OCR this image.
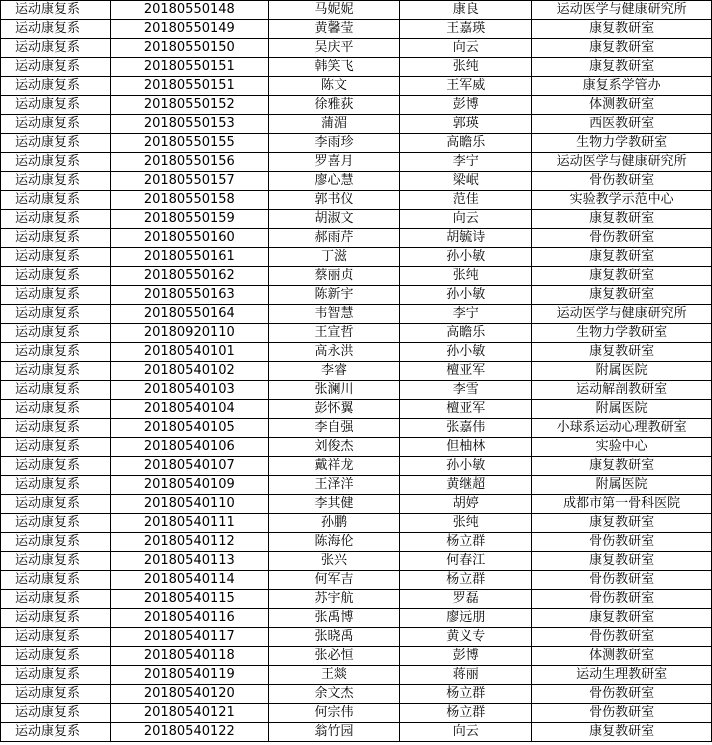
运动康复系	20180550148	马妮妮	康良	运动医学与健康研究所
运动康复系	20180550149	黄馨莹	王嘉瑛	康复教研室
运动康复系	20180550150	吴庆平	向云	康复教研室
运动康复系	20180550151	韩笑飞	张纯	康复教研室
运动康复系	20180550151	陈文	王军威	康复系学管办
运动康复系	20180550152	徐雅荻	彭博	体测教研室
运动康复系	20180550153	蒲湄	郭瑛	西医教研室
运动康复系	20180550155	李雨珍	高瞻乐	生物力学教研室
运动康复系	20180550156	罗喜月	李宁	运动医学与健康研究所
运动康复系	20180550157	廖心慧	梁岷	骨伤教研室
运动康复系	20180550158	郭书仪	范佳	实验教学示范中心
运动康复系	20180550159	胡淑文	向云	康复教研室
运动康复系	20180550160	郝雨芹	胡毓诗	骨伤教研室
运动康复系	20180550161	丁滋	孙小敏	康复教研室
运动康复系	20180550162	蔡丽贞	张纯	康复教研室
运动康复系	20180550163	陈新宇	孙小敏	康复教研室
运动康复系	20180550164	韦智慧	李宁	运动医学与健康研究所
运动康复系	20180920110	王宣哲	高瞻乐	生物力学教研室
运动康复系	20180540101	高永洪	孙小敏	康复教研室
运动康复系	20180540102	李睿	檀亚军	附属医院
运动康复系	20180540103	张澜川	李雪	运动解剖教研室
运动康复系	20180540104	彭怀翼	檀亚军	附属医院
运动康复系	20180540105	李自强	张嘉伟	小球系运动心理教研室
运动康复系	20180540106	刘俊杰	但柚林	实验中心
运动康复系	20180540107	戴祥龙	孙小敏	康复教研室
运动康复系	20180540109	王泽洋	黄继超	附属医院
运动康复系	20180540110	李其健	胡婷	成都市第一骨科医院
运动康复系	20180540111	孙鹏	张纯	康复教研室
运动康复系	20180540112	陈海伦	杨立群	骨伤教研室
运动康复系	20180540113	张兴	何春江	康复教研室
运动康复系	20180540114	何军吉	杨立群	骨伤教研室
运动康复系	20180540115	苏宇航	罗磊	骨伤教研室
运动康复系	20180540116	张禹博	廖远朋	康复教研室
运动康复系	20180540117	张晓禹	黄义专	骨伤教研室
运动康复系	20180540118	张必恒	彭博	体测教研室
运动康复系	20180540119	王燚	蒋丽	运动生理教研室
运动康复系	20180540120	余文杰	杨立群	骨伤教研室
运动康复系	20180540121	何宗伟	杨立群	骨伤教研室
运动康复系	20180540122	翁竹园	向云	康复教研室
